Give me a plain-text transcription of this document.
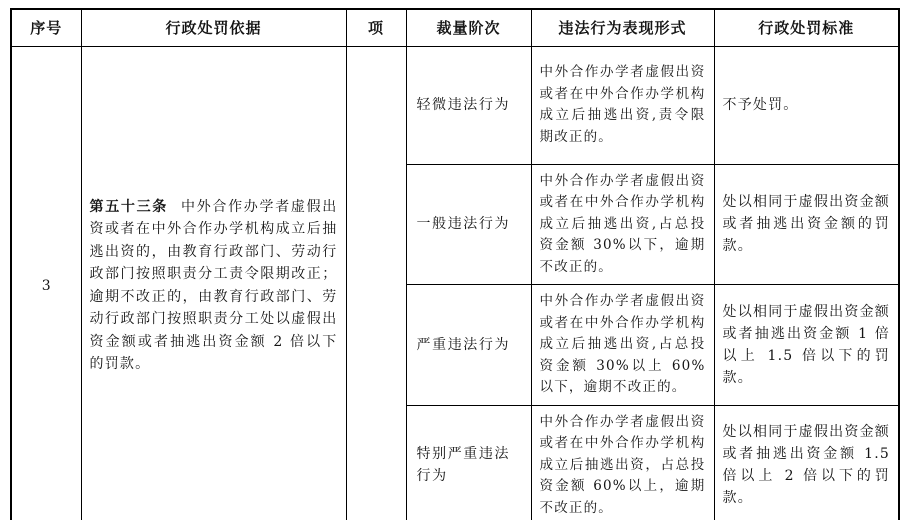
序号	行政处罚依据	项	裁量阶次	违法行为表现形式	行政处罚标准
3	第五十三条 中外合作办学者虚假出资或者在中外合作办学机构成立后抽逃出资的，由教育行政部门、劳动行政部门按照职责分工责令限期改正；逾期不改正的，由教育行政部门、劳动行政部门按照职责分工处以虚假出资金额或者抽逃出资金额 2 倍以下的罚款。		轻微违法行为	中外合作办学者虚假出资或者在中外合作办学机构成立后抽逃出资,责令限期改正的。	不予处罚。
			一般违法行为	中外合作办学者虚假出资或者在中外合作办学机构成立后抽逃出资,占总投资金额 30%以下，逾期不改正的。	处以相同于虚假出资金额或者抽逃出资金额的罚款。
			严重违法行为	中外合作办学者虚假出资或者在中外合作办学机构成立后抽逃出资,占总投资金额 30%以上 60%以下，逾期不改正的。	处以相同于虚假出资金额或者抽逃出资金额 1 倍以上 1.5 倍以下的罚款。
			特别严重违法行为	中外合作办学者虚假出资或者在中外合作办学机构成立后抽逃出资，占总投资金额 60%以上，逾期不改正的。	处以相同于虚假出资金额或者抽逃出资金额 1.5 倍以上 2 倍以下的罚款。
